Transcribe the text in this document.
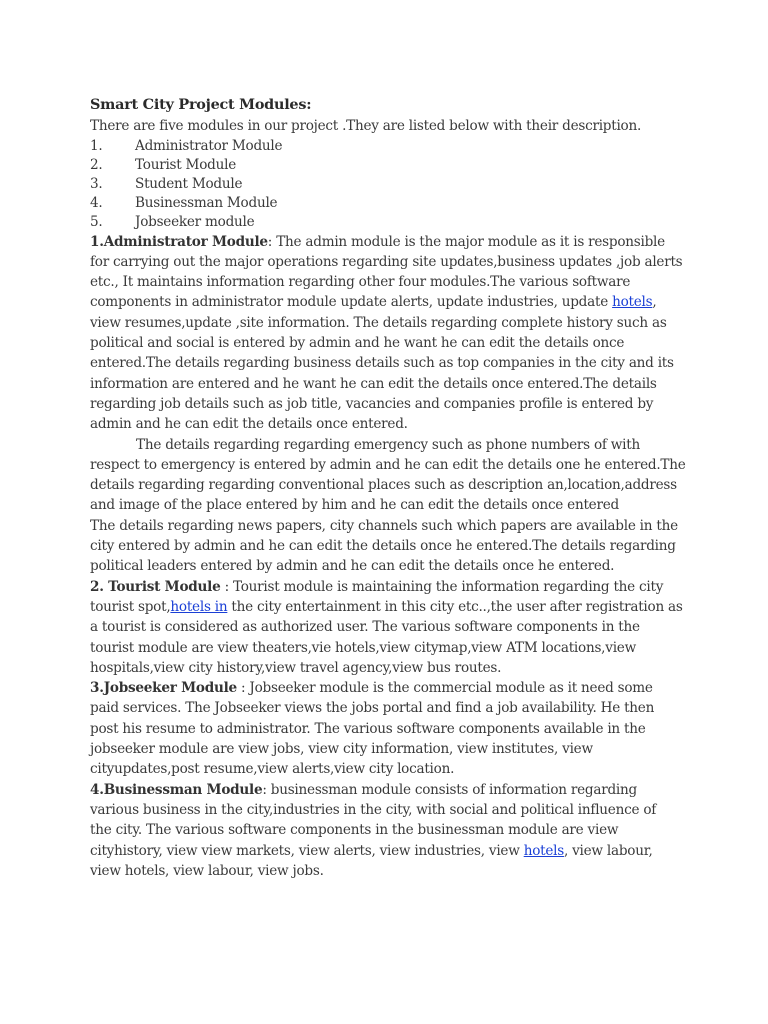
Smart City Project Modules:
There are five modules in our project .They are listed below with their description.
1. Administrator Module
2. Tourist Module
3. Student Module
4. Businessman Module
5. Jobseeker module
1.Administrator Module: The admin module is the major module as it is responsible
for carrying out the major operations regarding site updates,business updates ,job alerts
etc., It maintains information regarding other four modules.The various software
components in administrator module update alerts, update industries, update hotels,
view resumes,update ,site information. The details regarding complete history such as
political and social is entered by admin and he want he can edit the details once
entered.The details regarding business details such as top companies in the city and its
information are entered and he want he can edit the details once entered.The details
regarding job details such as job title, vacancies and companies profile is entered by
admin and he can edit the details once entered.
The details regarding regarding emergency such as phone numbers of with
respect to emergency is entered by admin and he can edit the details one he entered.The
details regarding regarding conventional places such as description an,location,address
and image of the place entered by him and he can edit the details once entered
The details regarding news papers, city channels such which papers are available in the
city entered by admin and he can edit the details once he entered.The details regarding
political leaders entered by admin and he can edit the details once he entered.
2. Tourist Module : Tourist module is maintaining the information regarding the city
tourist spot,hotels in the city entertainment in this city etc..,the user after registration as
a tourist is considered as authorized user. The various software components in the
tourist module are view theaters,vie hotels,view citymap,view ATM locations,view
hospitals,view city history,view travel agency,view bus routes.
3.Jobseeker Module : Jobseeker module is the commercial module as it need some
paid services. The Jobseeker views the jobs portal and find a job availability. He then
post his resume to administrator. The various software components available in the
jobseeker module are view jobs, view city information, view institutes, view
cityupdates,post resume,view alerts,view city location.
4.Businessman Module: businessman module consists of information regarding
various business in the city,industries in the city, with social and political influence of
the city. The various software components in the businessman module are view
cityhistory, view view markets, view alerts, view industries, view hotels, view labour,
view hotels, view labour, view jobs.
